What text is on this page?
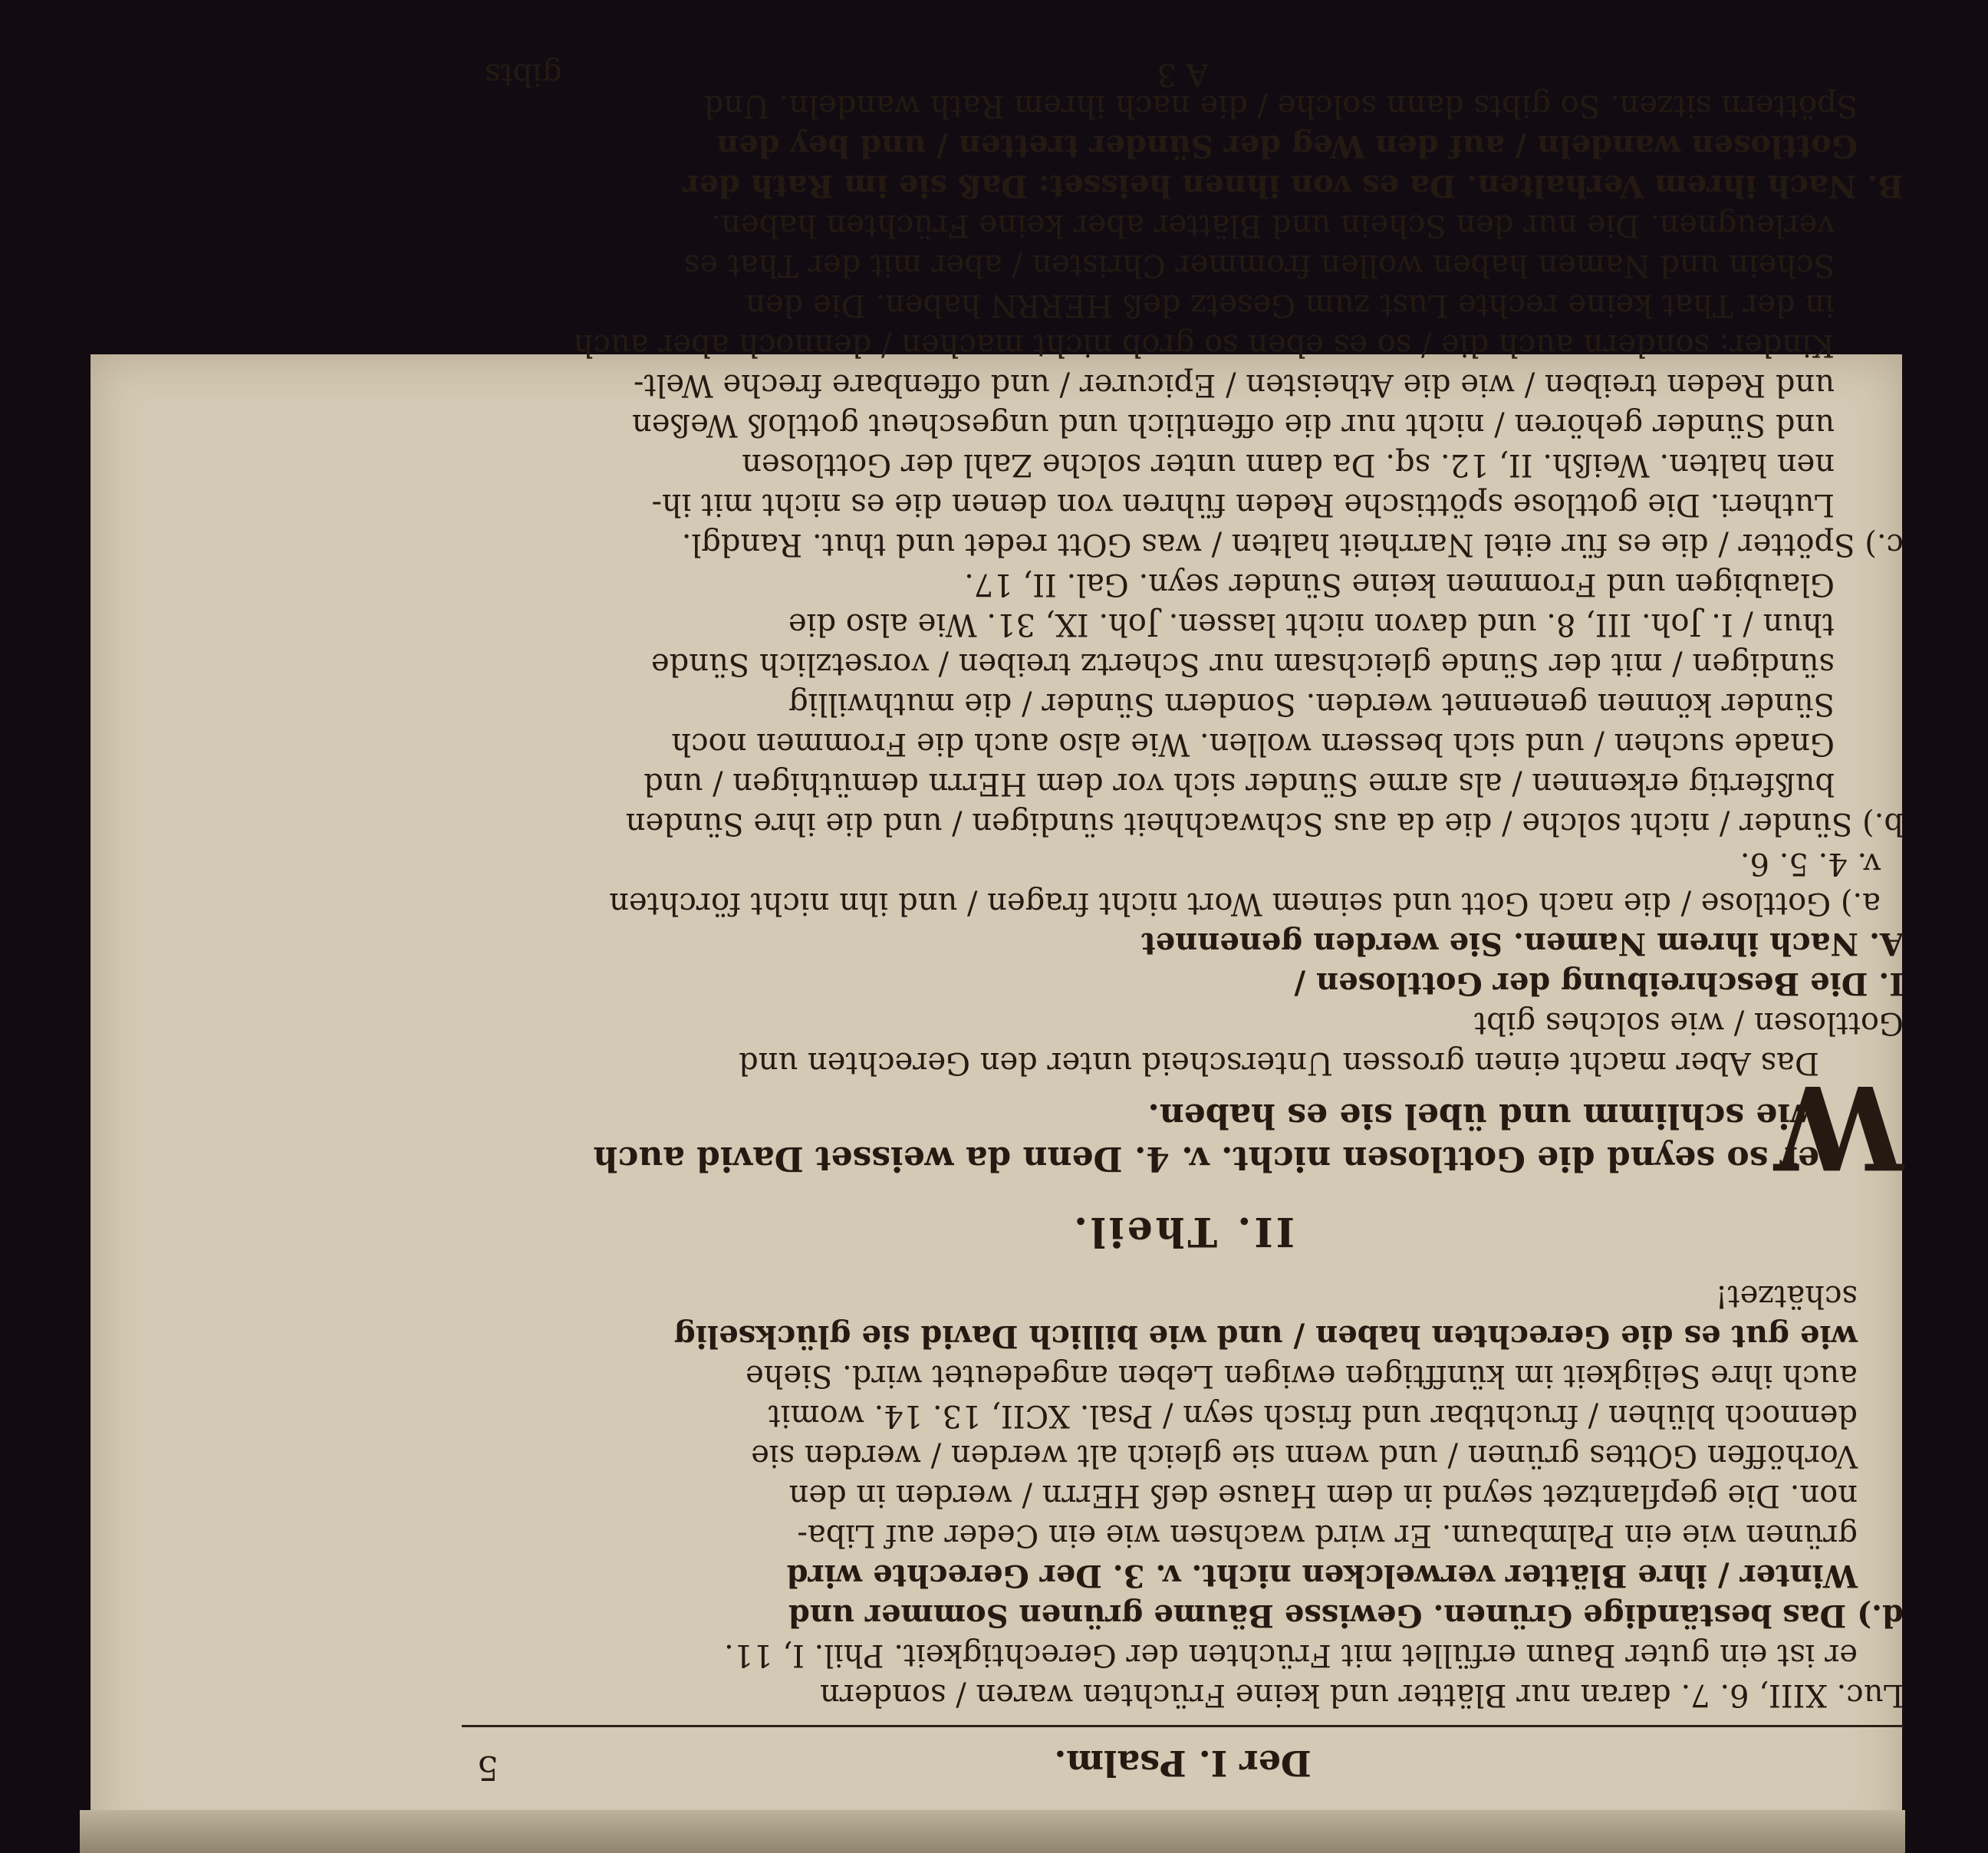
Der I. Psalm.
5
Luc. XIII, 6. 7. daran nur Blätter und keine Früchten waren / sondern
er ist ein guter Baum erfüllet mit Früchten der Gerechtigkeit. Phil. I, 11.
d.) Das beständige Grünen. Gewisse Bäume grünen Sommer und
Winter / ihre Blätter verwelcken nicht. v. 3. Der Gerechte wird
grünen wie ein Palmbaum. Er wird wachsen wie ein Ceder auf Liba-
non. Die gepflantzet seynd in dem Hause deß HErrn / werden in den
Vorhöffen GOttes grünen / und wenn sie gleich alt werden / werden sie
dennoch blühen / fruchtbar und frisch seyn / Psal. XCII, 13. 14. womit
auch ihre Seligkeit im künfftigen ewigen Leben angedeutet wird. Siehe
wie gut es die Gerechten haben / und wie billich David sie glückselig
schätzet!
II. Theil.
W
er so seynd die Gottlosen nicht. v. 4. Denn da weisset David auch
wie schlimm und übel sie es haben.
Das Aber macht einen grossen Unterscheid unter den Gerechten und
Gottlosen / wie solches gibt
I. Die Beschreibung der Gottlosen /
A. Nach ihrem Namen. Sie werden genennet
a.) Gottlose / die nach Gott und seinem Wort nicht fragen / und ihn nicht förchten
v. 4. 5. 6.
b.) Sünder / nicht solche / die da aus Schwachheit sündigen / und die ihre Sünden
bußfertig erkennen / als arme Sünder sich vor dem HErrn demüthigen / und
Gnade suchen / und sich bessern wollen. Wie also auch die Frommen noch
Sünder können genennet werden. Sondern Sünder / die muthwillig
sündigen / mit der Sünde gleichsam nur Schertz treiben / vorsetzlich Sünde
thun / I. Joh. III, 8. und davon nicht lassen. Joh. IX, 31. Wie also die
Glaubigen und Frommen keine Sünder seyn. Gal. II, 17.
c.) Spötter / die es für eitel Narrheit halten / was GOtt redet und thut. Randgl.
Lutheri. Die gottlose spöttische Reden führen von denen die es nicht mit ih-
nen halten. Weißh. II, 12. sq. Da dann unter solche Zahl der Gottlosen
und Sünder gehören / nicht nur die offentlich und ungescheut gottloß Weßen
und Reden treiben / wie die Atheisten / Epicurer / und offenbare freche Welt-
Kinder: sondern auch die / so es eben so grob nicht machen / dennoch aber auch
in der That keine rechte Lust zum Gesetz deß HERRN haben. Die den
Schein und Namen haben wollen frommer Christen / aber mit der That es
verleugnen. Die nur den Schein und Blätter aber keine Früchten haben.
B. Nach ihrem Verhalten. Da es von ihnen heisset: Daß sie im Rath der
Gottlosen wandeln / auf den Weg der Sünder tretten / und bey den
Spöttern sitzen. So gibts dann solche / die nach ihrem Rath wandeln. Und
A 3
gibts
